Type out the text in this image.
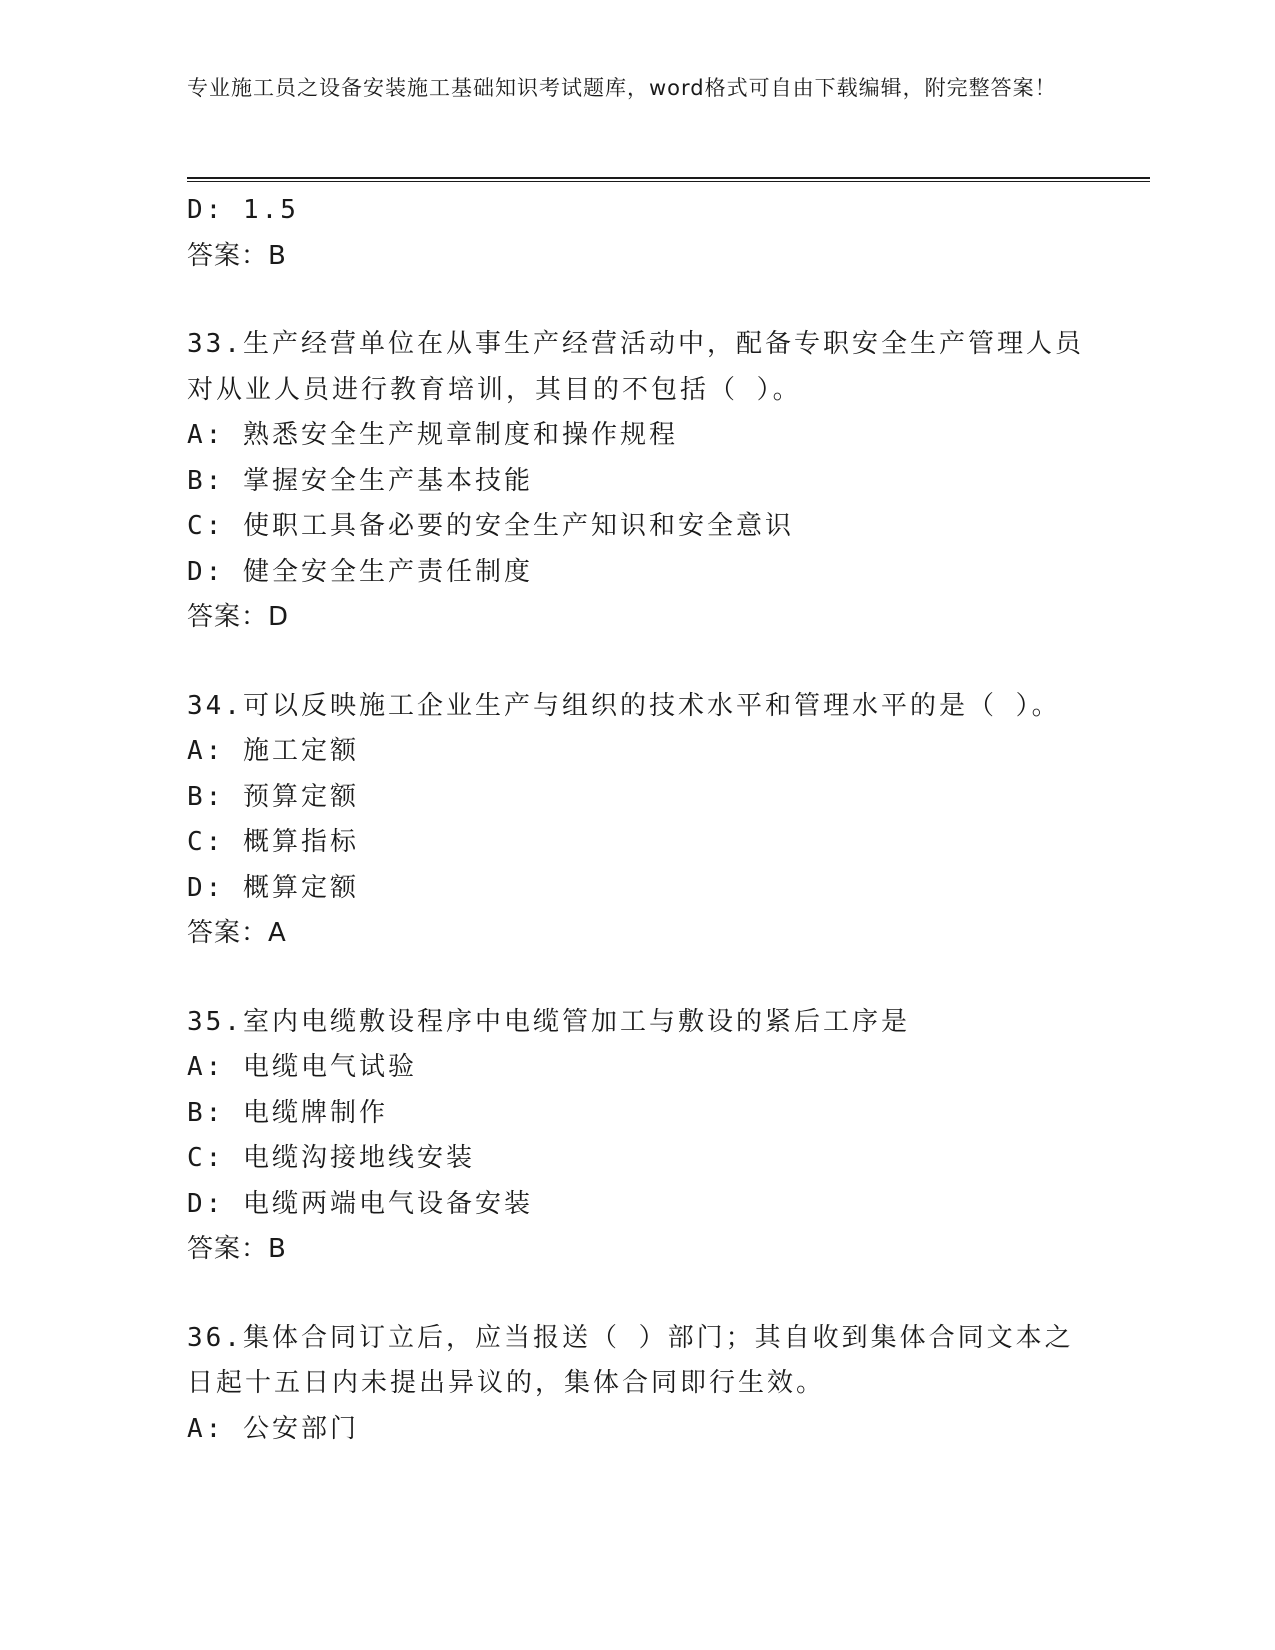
专业施工员之设备安装施工基础知识考试题库，word格式可自由下载编辑，附完整答案！
D: 1.5
答案：B
33.生产经营单位在从事生产经营活动中，配备专职安全生产管理人员
对从业人员进行教育培训，其目的不包括（ ）。
A: 熟悉安全生产规章制度和操作规程
B: 掌握安全生产基本技能
C: 使职工具备必要的安全生产知识和安全意识
D: 健全安全生产责任制度
答案：D
34.可以反映施工企业生产与组织的技术水平和管理水平的是（ ）。
A: 施工定额
B: 预算定额
C: 概算指标
D: 概算定额
答案：A
35.室内电缆敷设程序中电缆管加工与敷设的紧后工序是
A: 电缆电气试验
B: 电缆牌制作
C: 电缆沟接地线安装
D: 电缆两端电气设备安装
答案：B
36.集体合同订立后，应当报送（ ）部门；其自收到集体合同文本之
日起十五日内未提出异议的，集体合同即行生效。
A: 公安部门
